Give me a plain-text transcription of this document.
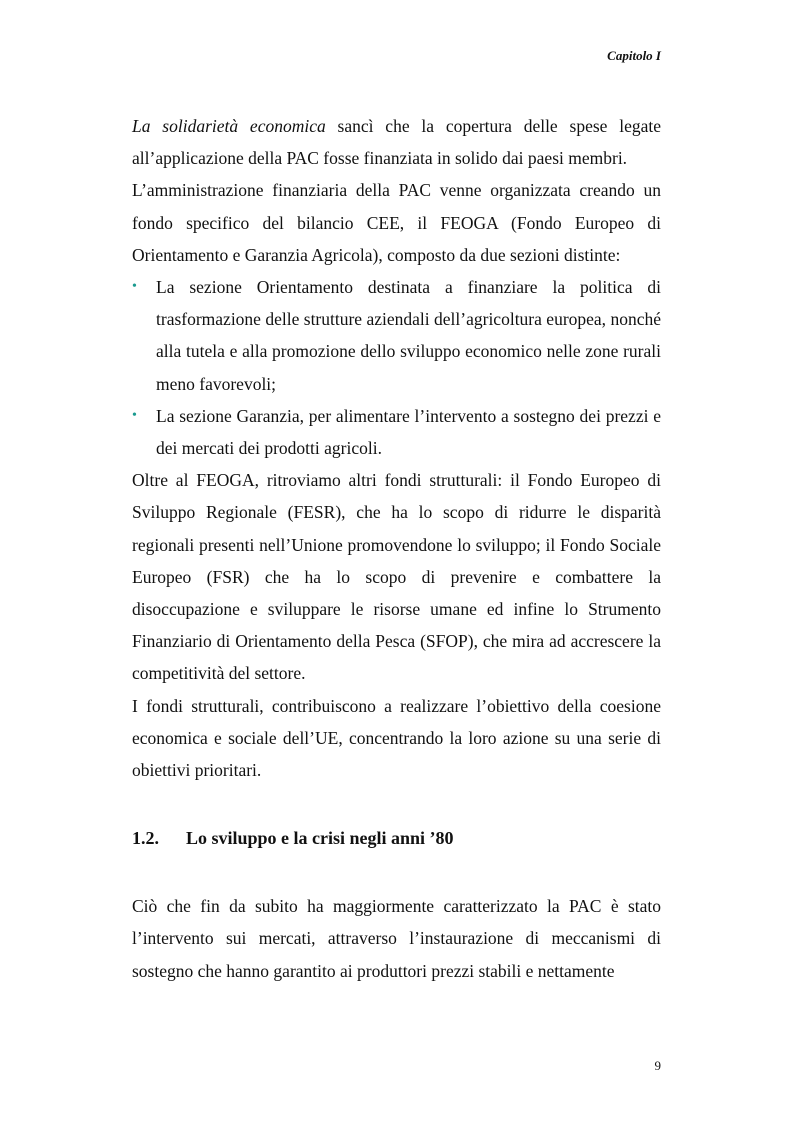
Capitolo I

La solidarietà economica sancì che la copertura delle spese legate all’applicazione della PAC fosse finanziata in solido dai paesi membri.

L’amministrazione finanziaria della PAC venne organizzata creando un fondo specifico del bilancio CEE, il FEOGA (Fondo Europeo di Orientamento e Garanzia Agricola), composto da due sezioni distinte:

• La sezione Orientamento destinata a finanziare la politica di trasformazione delle strutture aziendali dell’agricoltura europea, nonché alla tutela e alla promozione dello sviluppo economico nelle zone rurali meno favorevoli;
• La sezione Garanzia, per alimentare l’intervento a sostegno dei prezzi e dei mercati dei prodotti agricoli.

Oltre al FEOGA, ritroviamo altri fondi strutturali: il Fondo Europeo di Sviluppo Regionale (FESR), che ha lo scopo di ridurre le disparità regionali presenti nell’Unione promovendone lo sviluppo; il Fondo Sociale Europeo (FSR) che ha lo scopo di prevenire e combattere la disoccupazione e sviluppare le risorse umane ed infine lo Strumento Finanziario di Orientamento della Pesca (SFOP), che mira ad accrescere la competitività del settore.

I fondi strutturali, contribuiscono a realizzare l’obiettivo della coesione economica e sociale dell’UE, concentrando la loro azione su una serie di obiettivi prioritari.

1.2. Lo sviluppo e la crisi negli anni ’80

Ciò che fin da subito ha maggiormente caratterizzato la PAC è stato l’intervento sui mercati, attraverso l’instaurazione di meccanismi di sostegno che hanno garantito ai produttori prezzi stabili e nettamente

9
